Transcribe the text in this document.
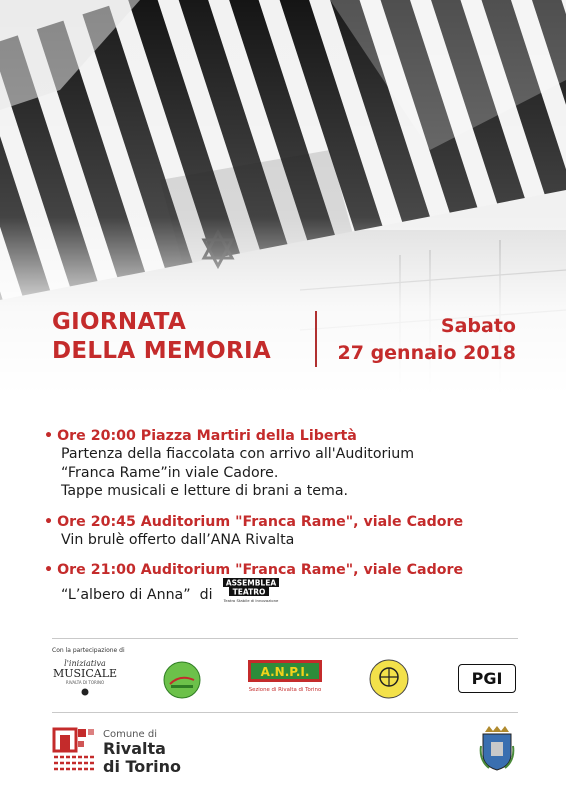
GIORNATA
DELLA MEMORIA
Sabato
27 gennaio 2018
• Ore 20:00 Piazza Martiri della Libertà
Partenza della fiaccolata con arrivo all'Auditorium
“Franca Rame”in viale Cadore.
Tappe musicali e letture di brani a tema.
• Ore 20:45 Auditorium "Franca Rame", viale Cadore
Vin brulè offerto dall’ANA Rivalta
• Ore 21:00 Auditorium "Franca Rame", viale Cadore
“L’albero di Anna”  di
ASSEMBLEA
TEATRO
Teatro Stabile di Innovazione
Con la partecipazione di
l'iniziativa
MUSICALE
RIVALTA DI TORINO
A.N.P.I.
Sezione di Rivalta di Torino
PGI
Comune di
Rivalta
di Torino
